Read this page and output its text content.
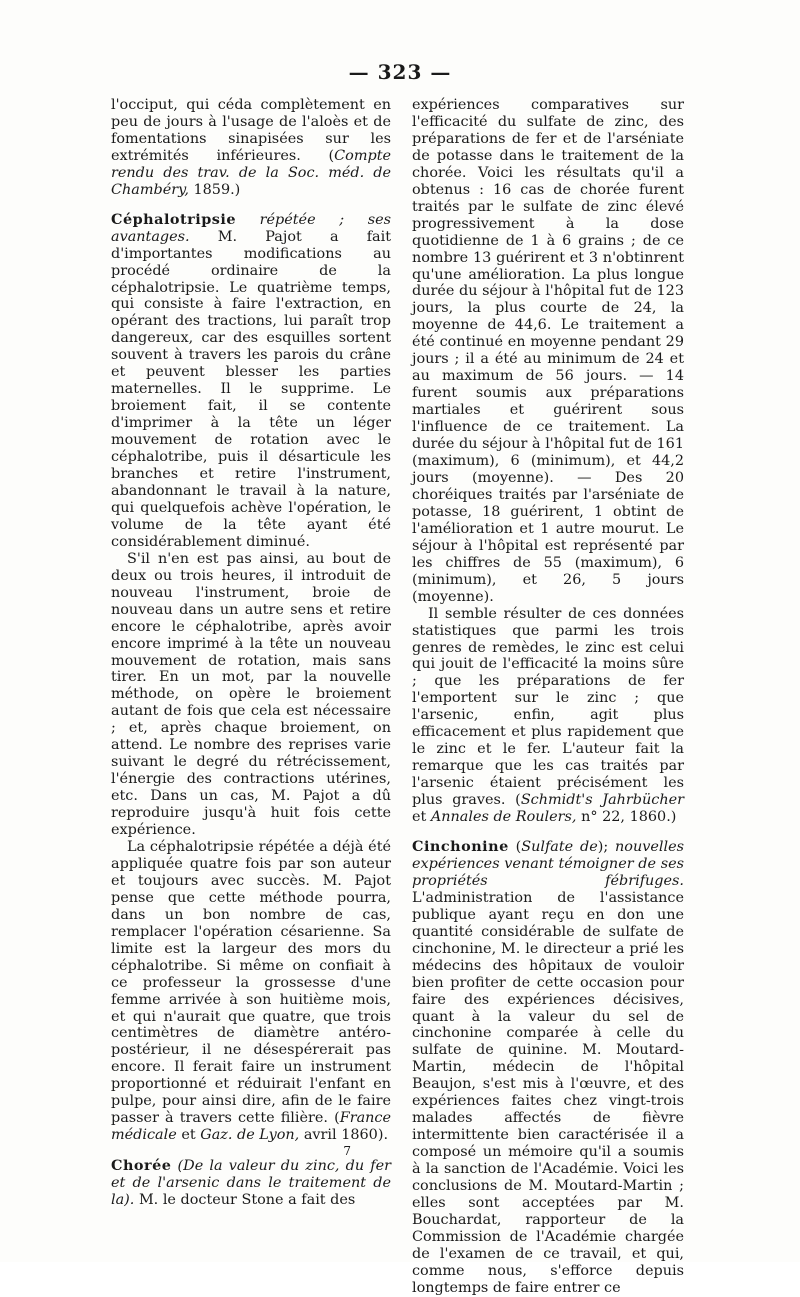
— 323 —

l'occiput, qui céda complètement en peu de jours à l'usage de l'aloès et de fomentations sinapisées sur les extrémités inférieures. (Compte rendu des trav. de la Soc. méd. de Chambéry, 1859.)

Céphalotripsie répétée ; ses avantages. M. Pajot a fait d'importantes modifications au procédé ordinaire de la céphalotripsie. Le quatrième temps, qui consiste à faire l'extraction, en opérant des tractions, lui paraît trop dangereux, car des esquilles sortent souvent à travers les parois du crâne et peuvent blesser les parties maternelles. Il le supprime. Le broiement fait, il se contente d'imprimer à la tête un léger mouvement de rotation avec le céphalotribe, puis il désarticule les branches et retire l'instrument, abandonnant le travail à la nature, qui quelquefois achève l'opération, le volume de la tête ayant été considérablement diminué.

S'il n'en est pas ainsi, au bout de deux ou trois heures, il introduit de nouveau l'instrument, broie de nouveau dans un autre sens et retire encore le céphalotribe, après avoir encore imprimé à la tête un nouveau mouvement de rotation, mais sans tirer. En un mot, par la nouvelle méthode, on opère le broiement autant de fois que cela est nécessaire ; et, après chaque broiement, on attend. Le nombre des reprises varie suivant le degré du rétrécissement, l'énergie des contractions utérines, etc. Dans un cas, M. Pajot a dû reproduire jusqu'à huit fois cette expérience.

La céphalotripsie répétée a déjà été appliquée quatre fois par son auteur et toujours avec succès. M. Pajot pense que cette méthode pourra, dans un bon nombre de cas, remplacer l'opération césarienne. Sa limite est la largeur des mors du céphalotribe. Si même on confiait à ce professeur la grossesse d'une femme arrivée à son huitième mois, et qui n'aurait que quatre, que trois centimètres de diamètre antéro-postérieur, il ne désespérerait pas encore. Il ferait faire un instrument proportionné et réduirait l'enfant en pulpe, pour ainsi dire, afin de le faire passer à travers cette filière. (France médicale et Gaz. de Lyon, avril 1860).

7

Chorée (De la valeur du zinc, du fer et de l'arsenic dans le traitement de la). M. le docteur Stone a fait des

expériences comparatives sur l'efficacité du sulfate de zinc, des préparations de fer et de l'arséniate de potasse dans le traitement de la chorée. Voici les résultats qu'il a obtenus : 16 cas de chorée furent traités par le sulfate de zinc élevé progressivement à la dose quotidienne de 1 à 6 grains ; de ce nombre 13 guérirent et 3 n'obtinrent qu'une amélioration. La plus longue durée du séjour à l'hôpital fut de 123 jours, la plus courte de 24, la moyenne de 44,6. Le traitement a été continué en moyenne pendant 29 jours ; il a été au minimum de 24 et au maximum de 56 jours. — 14 furent soumis aux préparations martiales et guérirent sous l'influence de ce traitement. La durée du séjour à l'hôpital fut de 161 (maximum), 6 (minimum), et 44,2 jours (moyenne). — Des 20 choréiques traités par l'arséniate de potasse, 18 guérirent, 1 obtint de l'amélioration et 1 autre mourut. Le séjour à l'hôpital est représenté par les chiffres de 55 (maximum), 6 (minimum), et 26, 5 jours (moyenne).

Il semble résulter de ces données statistiques que parmi les trois genres de remèdes, le zinc est celui qui jouit de l'efficacité la moins sûre ; que les préparations de fer l'emportent sur le zinc ; que l'arsenic, enfin, agit plus efficacement et plus rapidement que le zinc et le fer. L'auteur fait la remarque que les cas traités par l'arsenic étaient précisément les plus graves. (Schmidt's Jahrbücher et Annales de Roulers, n° 22, 1860.)

Cinchonine (Sulfate de); nouvelles expériences venant témoigner de ses propriétés fébrifuges. L'administration de l'assistance publique ayant reçu en don une quantité considérable de sulfate de cinchonine, M. le directeur a prié les médecins des hôpitaux de vouloir bien profiter de cette occasion pour faire des expériences décisives, quant à la valeur du sel de cinchonine comparée à celle du sulfate de quinine. M. Moutard-Martin, médecin de l'hôpital Beaujon, s'est mis à l'œuvre, et des expériences faites chez vingt-trois malades affectés de fièvre intermittente bien caractérisée il a composé un mémoire qu'il a soumis à la sanction de l'Académie. Voici les conclusions de M. Moutard-Martin ; elles sont acceptées par M. Bouchardat, rapporteur de la Commission de l'Académie chargée de l'examen de ce travail, et qui, comme nous, s'efforce depuis longtemps de faire entrer ce
